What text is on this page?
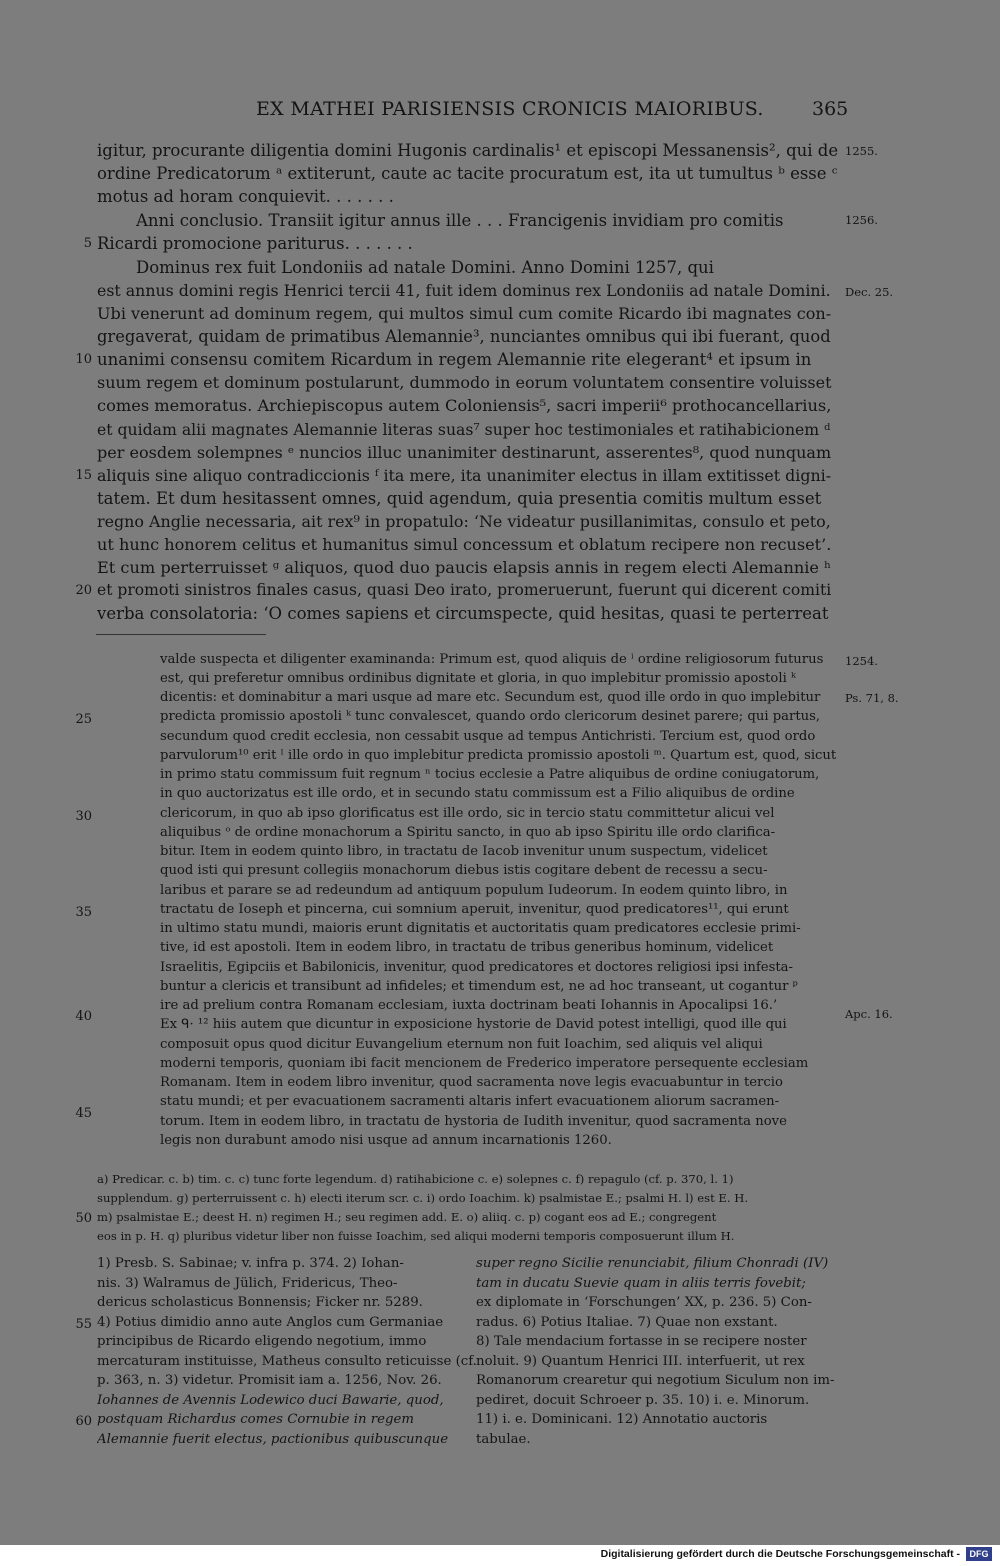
EX MATHEI PARISIENSIS CRONICIS MAIORIBUS.	365
igitur, procurante diligentia domini Hugonis cardinalis¹ et episcopi Messanensis², qui de
ordine Predicatorum ᵃ extiterunt, caute ac tacite procuratum est, ita ut tumultus ᵇ esse ᶜ
motus ad horam conquievit. . . . . . .
Anni conclusio. Transiit igitur annus ille . . . Francigenis invidiam pro comitis
Ricardi promocione pariturus. . . . . . .
Dominus rex fuit Londoniis ad natale Domini. Anno Domini 1257, qui
est annus domini regis Henrici tercii 41, fuit idem dominus rex Londoniis ad natale Domini.
Ubi venerunt ad dominum regem, qui multos simul cum comite Ricardo ibi magnates con-
gregaverat, quidam de primatibus Alemannie³, nunciantes omnibus qui ibi fuerant, quod
unanimi consensu comitem Ricardum in regem Alemannie rite elegerant⁴ et ipsum in
suum regem et dominum postularunt, dummodo in eorum voluntatem consentire voluisset
comes memoratus. Archiepiscopus autem Coloniensis⁵, sacri imperii⁶ prothocancellarius,
et quidam alii magnates Alemannie literas suas⁷ super hoc testimoniales et ratihabicionem ᵈ
per eosdem solempnes ᵉ nuncios illuc unanimiter destinarunt, asserentes⁸, quod nunquam
aliquis sine aliquo contradiccionis ᶠ ita mere, ita unanimiter electus in illam extitisset digni-
tatem. Et dum hesitassent omnes, quid agendum, quia presentia comitis multum esset
regno Anglie necessaria, ait rex⁹ in propatulo: ‘Ne videatur pusillanimitas, consulo et peto,
ut hunc honorem celitus et humanitus simul concessum et oblatum recipere non recuset’.
Et cum perterruisset ᵍ aliquos, quod duo paucis elapsis annis in regem electi Alemannie ʰ
et promoti sinistros finales casus, quasi Deo irato, promeruerunt, fuerunt qui dicerent comiti
verba consolatoria: ‘O comes sapiens et circumspecte, quid hesitas, quasi te perterreat
5
10
15
20
1255.
1256.
Dec. 25.
1254.
Ps. 71, 8.
Apc. 16.
valde suspecta et diligenter examinanda: Primum est, quod aliquis de ⁱ ordine religiosorum futurus
est, qui preferetur omnibus ordinibus dignitate et gloria, in quo implebitur promissio apostoli ᵏ
dicentis: et dominabitur a mari usque ad mare etc. Secundum est, quod ille ordo in quo implebitur
predicta promissio apostoli ᵏ tunc convalescet, quando ordo clericorum desinet parere; qui partus,
secundum quod credit ecclesia, non cessabit usque ad tempus Antichristi. Tercium est, quod ordo
parvulorum¹⁰ erit ˡ ille ordo in quo implebitur predicta promissio apostoli ᵐ. Quartum est, quod, sicut
in primo statu commissum fuit regnum ⁿ tocius ecclesie a Patre aliquibus de ordine coniugatorum,
in quo auctorizatus est ille ordo, et in secundo statu commissum est a Filio aliquibus de ordine
clericorum, in quo ab ipso glorificatus est ille ordo, sic in tercio statu committetur alicui vel
aliquibus ᵒ de ordine monachorum a Spiritu sancto, in quo ab ipso Spiritu ille ordo clarifica-
bitur. Item in eodem quinto libro, in tractatu de Iacob invenitur unum suspectum, videlicet
quod isti qui presunt collegiis monachorum diebus istis cogitare debent de recessu a secu-
laribus et parare se ad redeundum ad antiquum populum Iudeorum. In eodem quinto libro, in
tractatu de Ioseph et pincerna, cui somnium aperuit, invenitur, quod predicatores¹¹, qui erunt
in ultimo statu mundi, maioris erunt dignitatis et auctoritatis quam predicatores ecclesie primi-
tive, id est apostoli. Item in eodem libro, in tractatu de tribus generibus hominum, videlicet
Israelitis, Egipciis et Babilonicis, invenitur, quod predicatores et doctores religiosi ipsi infesta-
buntur a clericis et transibunt ad infideles; et timendum est, ne ad hoc transeant, ut cogantur ᵖ
ire ad prelium contra Romanam ecclesiam, iuxta doctrinam beati Iohannis in Apocalipsi 16.’
Ex ᑫ· ¹² hiis autem que dicuntur in exposicione hystorie de David potest intelligi, quod ille qui
composuit opus quod dicitur Euvangelium eternum non fuit Ioachim, sed aliquis vel aliqui
moderni temporis, quoniam ibi facit mencionem de Frederico imperatore persequente ecclesiam
Romanam. Item in eodem libro invenitur, quod sacramenta nove legis evacuabuntur in tercio
statu mundi; et per evacuationem sacramenti altaris infert evacuationem aliorum sacramen-
torum. Item in eodem libro, in tractatu de hystoria de Iudith invenitur, quod sacramenta nove
legis non durabunt amodo nisi usque ad annum incarnationis 1260.
25
30
35
40
45
a) Predicar. c. b) tim. c. c) tunc forte legendum. d) ratihabicione c. e) solepnes c. f) repagulo (cf. p. 370, l. 1)
supplendum. g) perterruissent c. h) electi iterum scr. c. i) ordo Ioachim. k) psalmistae E.; psalmi H. l) est E. H.
m) psalmistae E.; deest H. n) regimen H.; seu regimen add. E. o) aliiq. c. p) cogant eos ad E.; congregent
eos in p. H. q) pluribus videtur liber non fuisse Ioachim, sed aliqui moderni temporis composuerunt illum H.
50
1) Presb. S. Sabinae; v. infra p. 374. 2) Iohan-
nis. 3) Walramus de Jülich, Fridericus, Theo-
dericus scholasticus Bonnensis; Ficker nr. 5289.
4) Potius dimidio anno aute Anglos cum Germaniae
principibus de Ricardo eligendo negotium, immo
mercaturam instituisse, Matheus consulto reticuisse (cf.
p. 363, n. 3) videtur. Promisit iam a. 1256, Nov. 26.
Iohannes de Avennis Lodewico duci Bawarie, quod,
postquam Richardus comes Cornubie in regem
Alemannie fuerit electus, pactionibus quibuscunque
super regno Sicilie renunciabit, filium Chonradi (IV)
tam in ducatu Suevie quam in aliis terris fovebit;
ex diplomate in ‘Forschungen’ XX, p. 236. 5) Con-
radus. 6) Potius Italiae. 7) Quae non exstant.
8) Tale mendacium fortasse in se recipere noster
noluit. 9) Quantum Henrici III. interfuerit, ut rex
Romanorum crearetur qui negotium Siculum non im-
pediret, docuit Schroeer p. 35. 10) i. e. Minorum.
11) i. e. Dominicani. 12) Annotatio auctoris
tabulae.
55
60
Digitalisierung gefördert durch die Deutsche Forschungsgemeinschaft -	DFG
